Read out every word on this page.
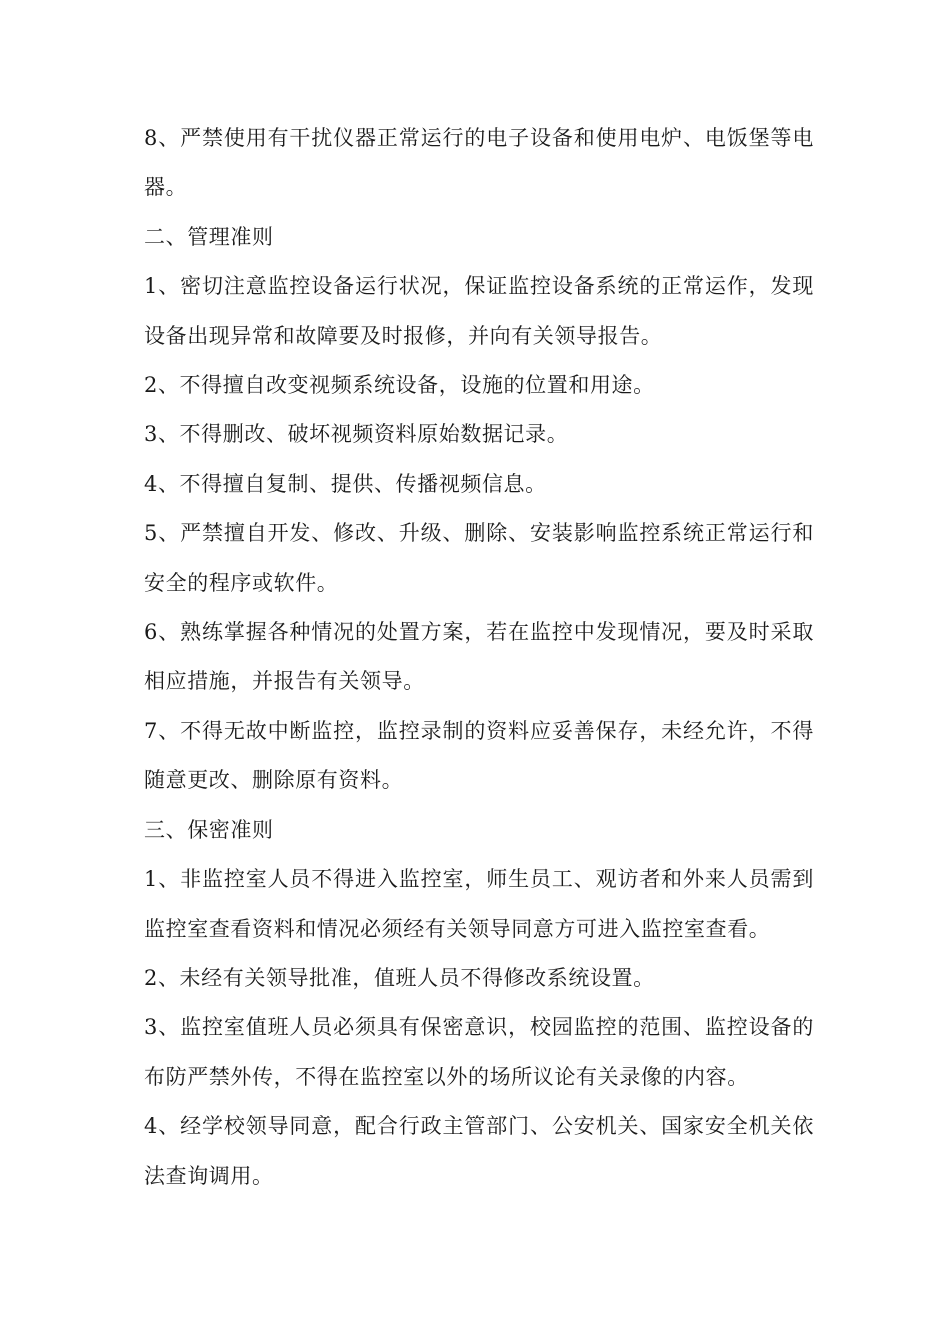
8、严禁使用有干扰仪器正常运行的电子设备和使用电炉、电饭堡等电器。

二、管理准则

1、密切注意监控设备运行状况，保证监控设备系统的正常运作，发现设备出现异常和故障要及时报修，并向有关领导报告。

2、不得擅自改变视频系统设备，设施的位置和用途。

3、不得删改、破坏视频资料原始数据记录。

4、不得擅自复制、提供、传播视频信息。

5、严禁擅自开发、修改、升级、删除、安装影响监控系统正常运行和安全的程序或软件。

6、熟练掌握各种情况的处置方案，若在监控中发现情况，要及时采取相应措施，并报告有关领导。

7、不得无故中断监控，监控录制的资料应妥善保存，未经允许，不得随意更改、删除原有资料。

三、保密准则

1、非监控室人员不得进入监控室，师生员工、观访者和外来人员需到监控室查看资料和情况必须经有关领导同意方可进入监控室查看。

2、未经有关领导批准，值班人员不得修改系统设置。

3、监控室值班人员必须具有保密意识，校园监控的范围、监控设备的布防严禁外传，不得在监控室以外的场所议论有关录像的内容。

4、经学校领导同意，配合行政主管部门、公安机关、国家安全机关依法查询调用。
